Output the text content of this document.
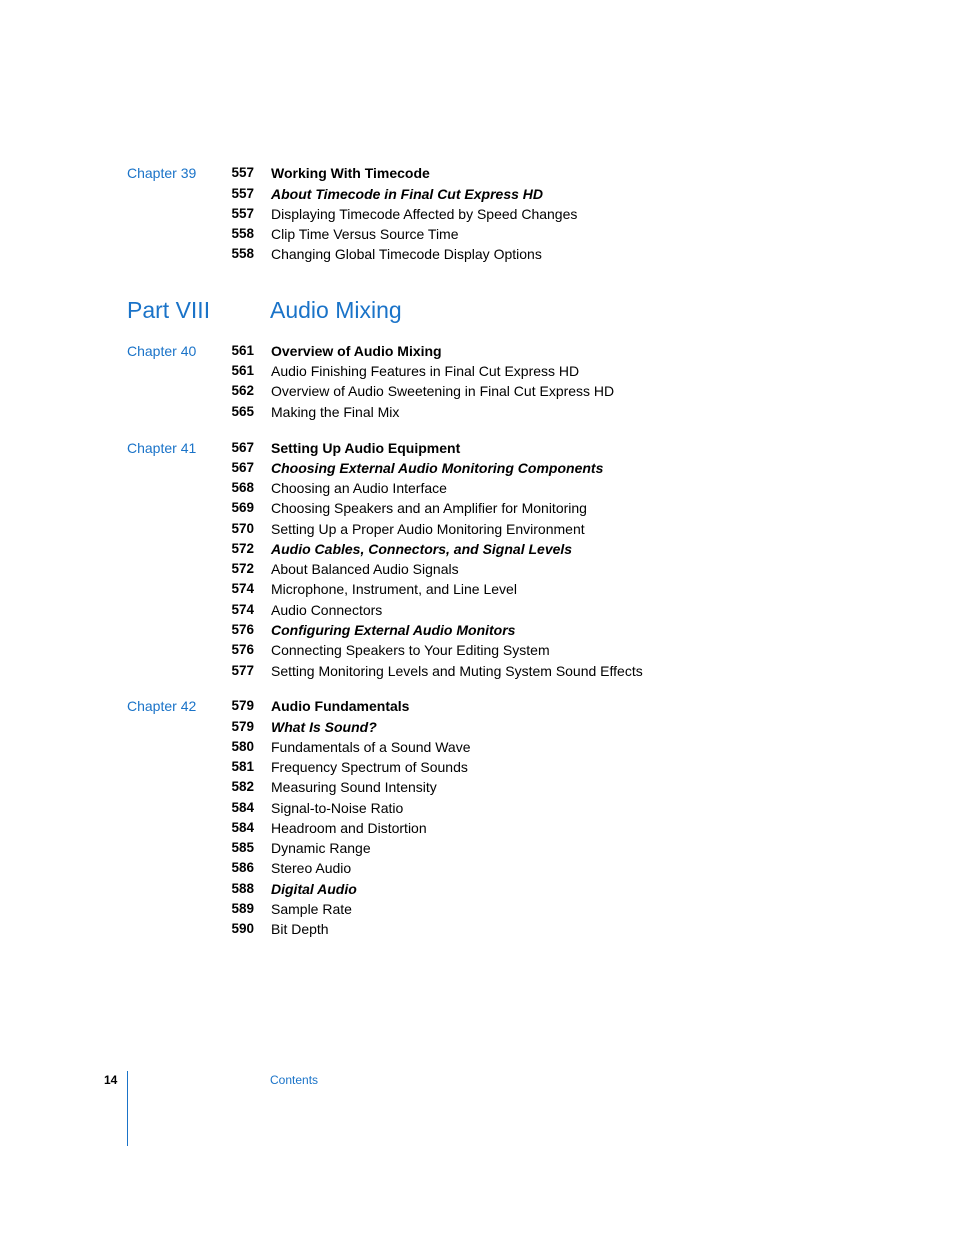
Chapter 39	557 Working With Timecode
557 About Timecode in Final Cut Express HD
557 Displaying Timecode Affected by Speed Changes
558 Clip Time Versus Source Time
558 Changing Global Timecode Display Options
Part VIII	Audio Mixing
Chapter 40	561 Overview of Audio Mixing
561 Audio Finishing Features in Final Cut Express HD
562 Overview of Audio Sweetening in Final Cut Express HD
565 Making the Final Mix
Chapter 41	567 Setting Up Audio Equipment
567 Choosing External Audio Monitoring Components
568 Choosing an Audio Interface
569 Choosing Speakers and an Amplifier for Monitoring
570 Setting Up a Proper Audio Monitoring Environment
572 Audio Cables, Connectors, and Signal Levels
572 About Balanced Audio Signals
574 Microphone, Instrument, and Line Level
574 Audio Connectors
576 Configuring External Audio Monitors
576 Connecting Speakers to Your Editing System
577 Setting Monitoring Levels and Muting System Sound Effects
Chapter 42	579 Audio Fundamentals
579 What Is Sound?
580 Fundamentals of a Sound Wave
581 Frequency Spectrum of Sounds
582 Measuring Sound Intensity
584 Signal-to-Noise Ratio
584 Headroom and Distortion
585 Dynamic Range
586 Stereo Audio
588 Digital Audio
589 Sample Rate
590 Bit Depth
14	Contents
